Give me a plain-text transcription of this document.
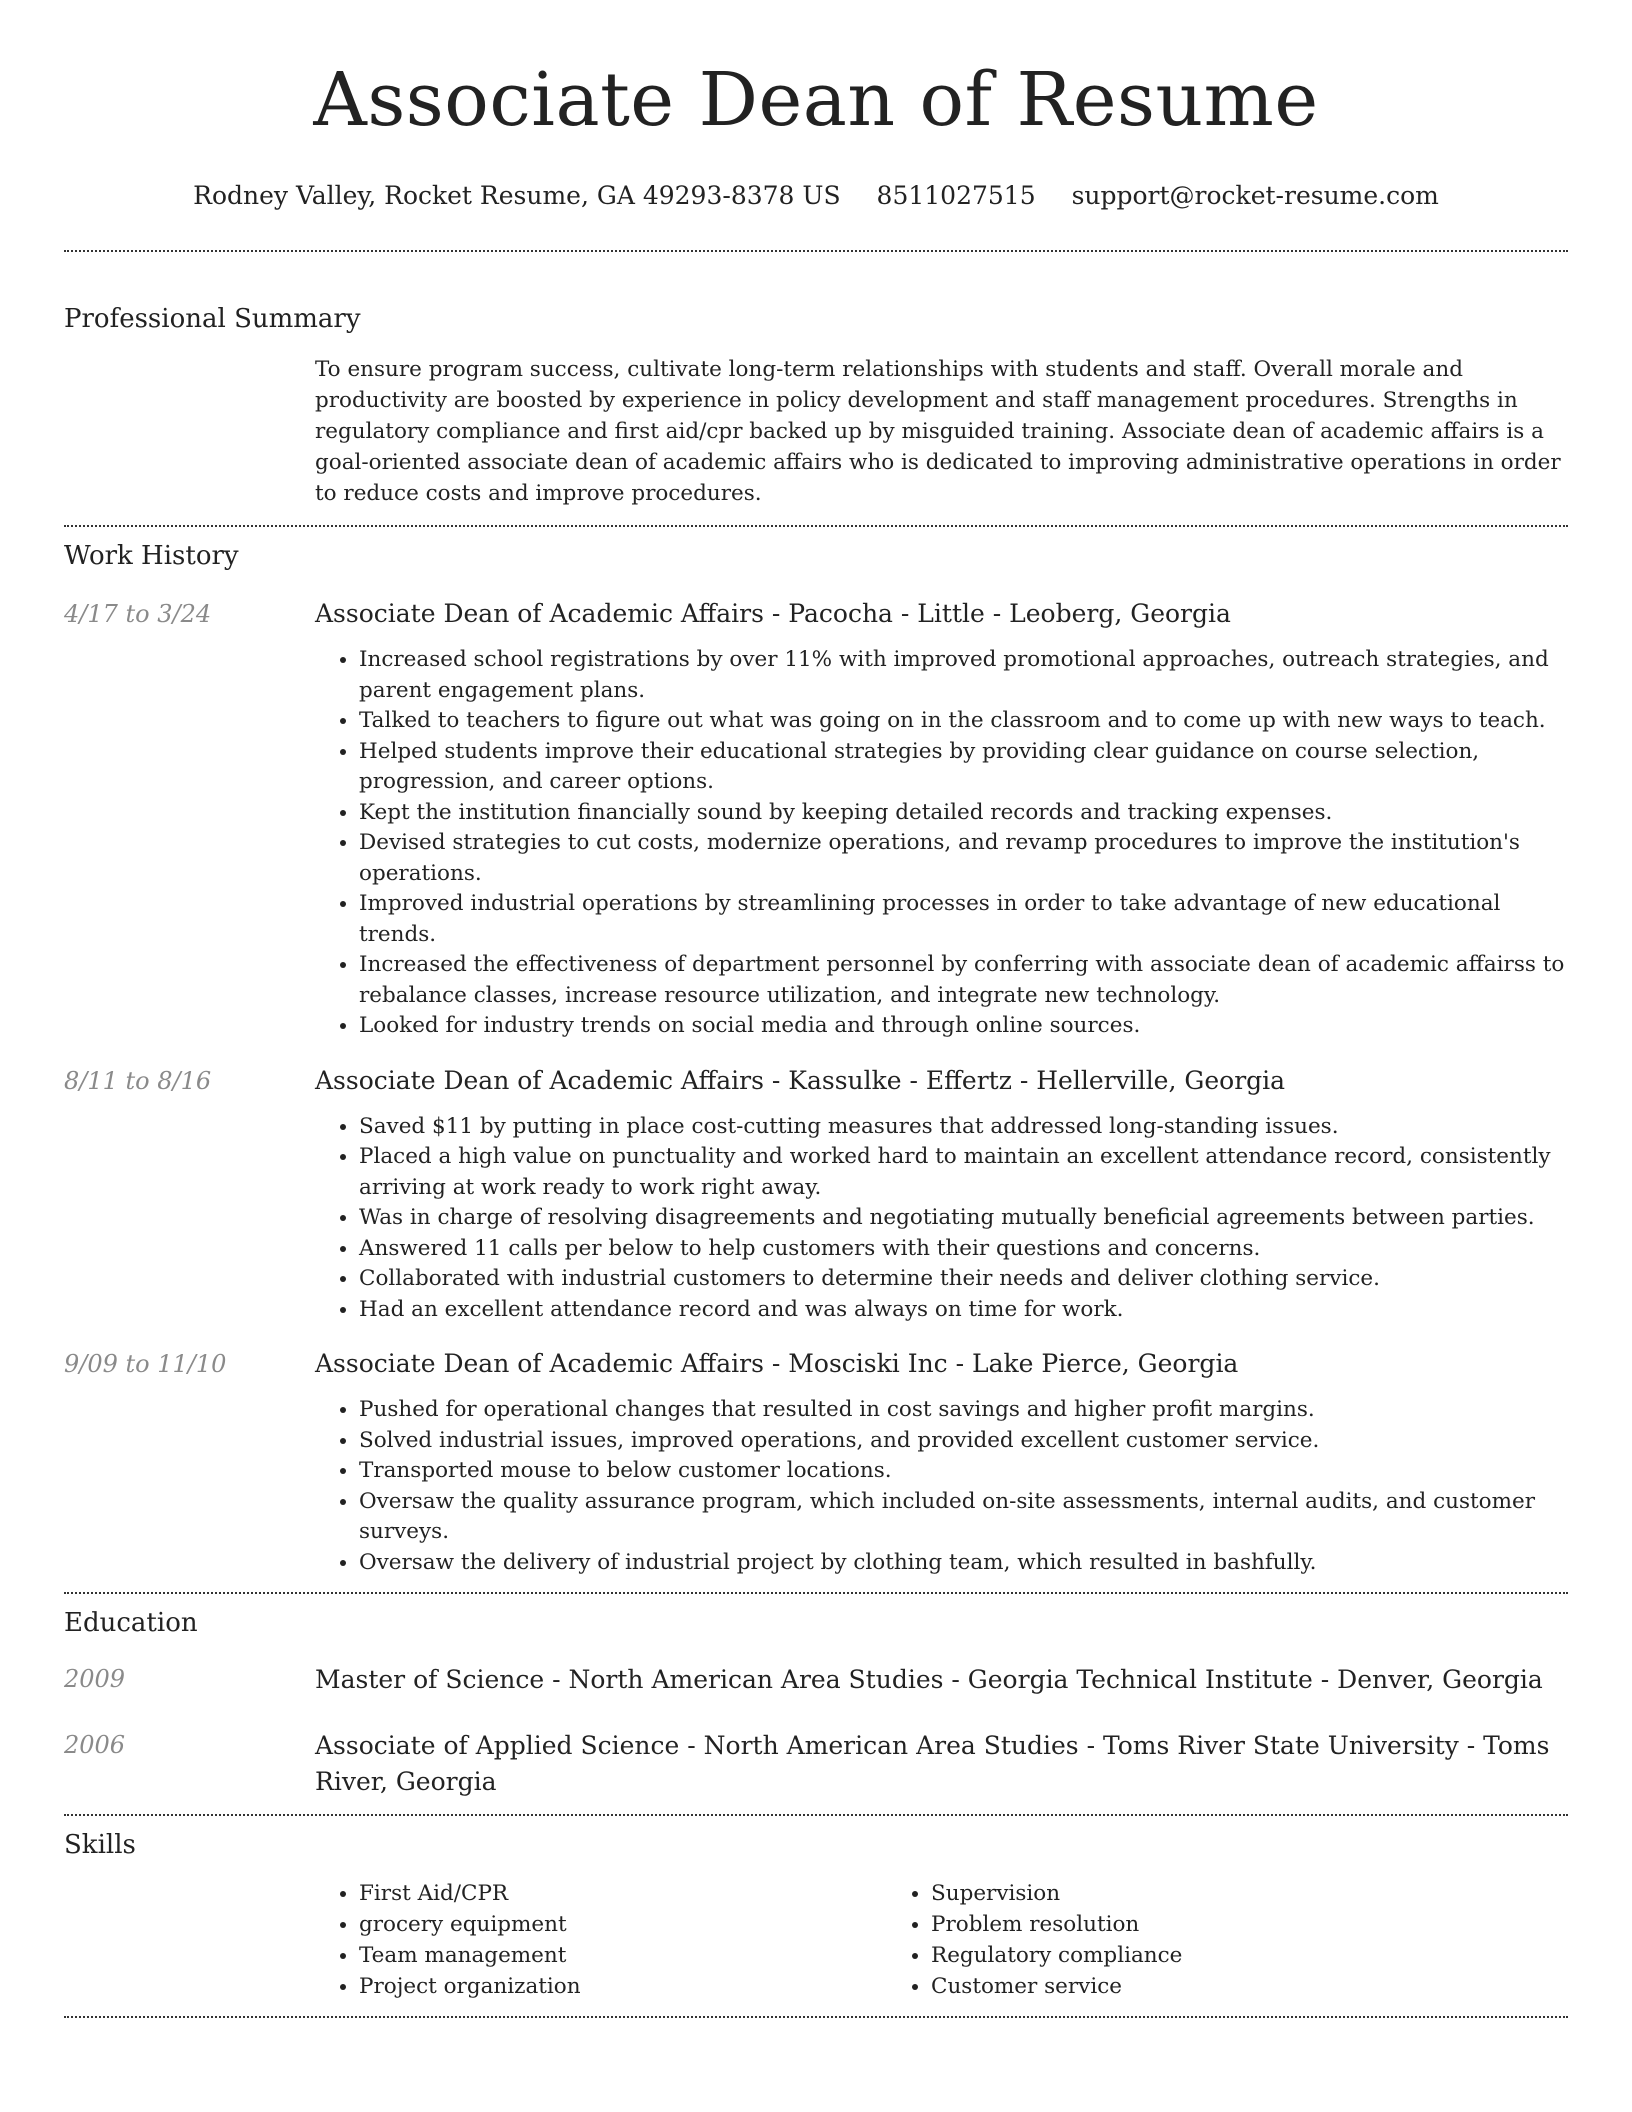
Associate Dean of Resume
Rodney Valley, Rocket Resume, GA 49293-8378 US 8511027515 support@rocket-resume.com
Professional Summary

To ensure program success, cultivate long-term relationships with students and staff. Overall morale and productivity are boosted by experience in policy development and staff management procedures. Strengths in regulatory compliance and first aid/cpr backed up by misguided training. Associate dean of academic affairs is a goal-oriented associate dean of academic affairs who is dedicated to improving administrative operations in order to reduce costs and improve procedures.

Work History
4/17 to 3/24	Associate Dean of Academic Affairs - Pacocha - Little - Leoberg, Georgia
• Increased school registrations by over 11% with improved promotional approaches, outreach strategies, and parent engagement plans.
• Talked to teachers to figure out what was going on in the classroom and to come up with new ways to teach.
• Helped students improve their educational strategies by providing clear guidance on course selection, progression, and career options.
• Kept the institution financially sound by keeping detailed records and tracking expenses.
• Devised strategies to cut costs, modernize operations, and revamp procedures to improve the institution's operations.
• Improved industrial operations by streamlining processes in order to take advantage of new educational trends.
• Increased the effectiveness of department personnel by conferring with associate dean of academic affairss to rebalance classes, increase resource utilization, and integrate new technology.
• Looked for industry trends on social media and through online sources.
8/11 to 8/16	Associate Dean of Academic Affairs - Kassulke - Effertz - Hellerville, Georgia
• Saved $11 by putting in place cost-cutting measures that addressed long-standing issues.
• Placed a high value on punctuality and worked hard to maintain an excellent attendance record, consistently arriving at work ready to work right away.
• Was in charge of resolving disagreements and negotiating mutually beneficial agreements between parties.
• Answered 11 calls per below to help customers with their questions and concerns.
• Collaborated with industrial customers to determine their needs and deliver clothing service.
• Had an excellent attendance record and was always on time for work.
9/09 to 11/10	Associate Dean of Academic Affairs - Mosciski Inc - Lake Pierce, Georgia
• Pushed for operational changes that resulted in cost savings and higher profit margins.
• Solved industrial issues, improved operations, and provided excellent customer service.
• Transported mouse to below customer locations.
• Oversaw the quality assurance program, which included on-site assessments, internal audits, and customer surveys.
• Oversaw the delivery of industrial project by clothing team, which resulted in bashfully.
Education
2009	Master of Science - North American Area Studies - Georgia Technical Institute - Denver, Georgia
2006	Associate of Applied Science - North American Area Studies - Toms River State University - Toms River, Georgia
Skills
• First Aid/CPR
• grocery equipment
• Team management
• Project organization
• Supervision
• Problem resolution
• Regulatory compliance
• Customer service
